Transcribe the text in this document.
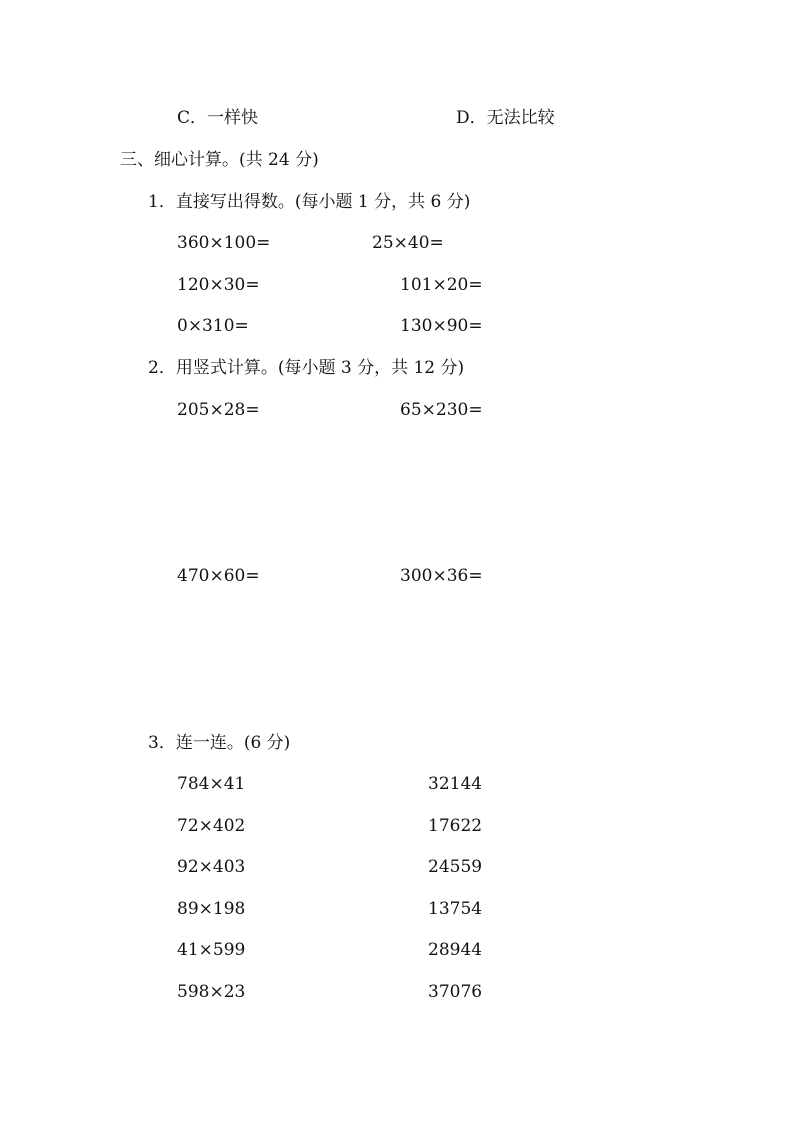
C．一样快	D．无法比较
三、细心计算。(共 24 分)
1．直接写出得数。(每小题 1 分，共 6 分)
360×100=	25×40=
120×30=	101×20=
0×310=	130×90=
2．用竖式计算。(每小题 3 分，共 12 分)
205×28=	65×230=
470×60=	300×36=
3．连一连。(6 分)
784×41	32144
72×402	17622
92×403	24559
89×198	13754
41×599	28944
598×23	37076
